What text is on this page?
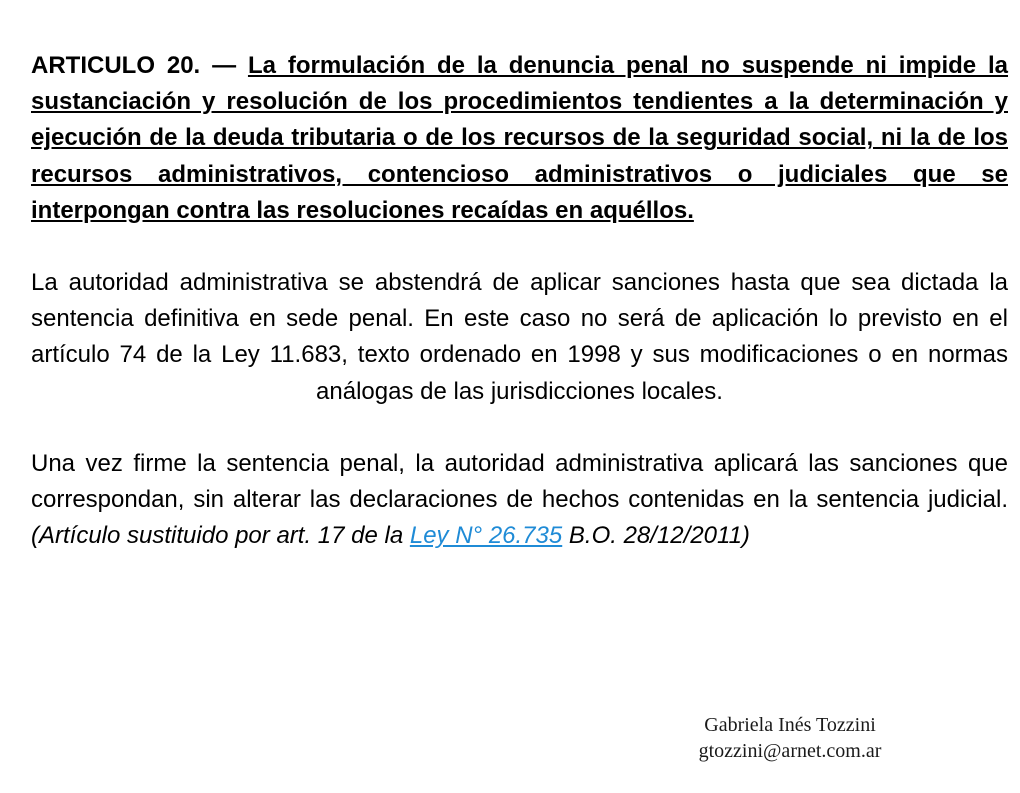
ARTICULO 20. — La formulación de la denuncia penal no suspende ni impide la sustanciación y resolución de los procedimientos tendientes a la determinación y ejecución de la deuda tributaria o de los recursos de la seguridad social, ni la de los recursos administrativos, contencioso administrativos o judiciales que se interpongan contra las resoluciones recaídas en aquéllos.

La autoridad administrativa se abstendrá de aplicar sanciones hasta que sea dictada la sentencia definitiva en sede penal. En este caso no será de aplicación lo previsto en el artículo 74 de la Ley 11.683, texto ordenado en 1998 y sus modificaciones o en normas análogas de las jurisdicciones locales.

Una vez firme la sentencia penal, la autoridad administrativa aplicará las sanciones que correspondan, sin alterar las declaraciones de hechos contenidas en la sentencia judicial.(Artículo sustituido por art. 17 de la Ley N° 26.735 B.O. 28/12/2011)

Gabriela Inés Tozzini
gtozzini@arnet.com.ar
